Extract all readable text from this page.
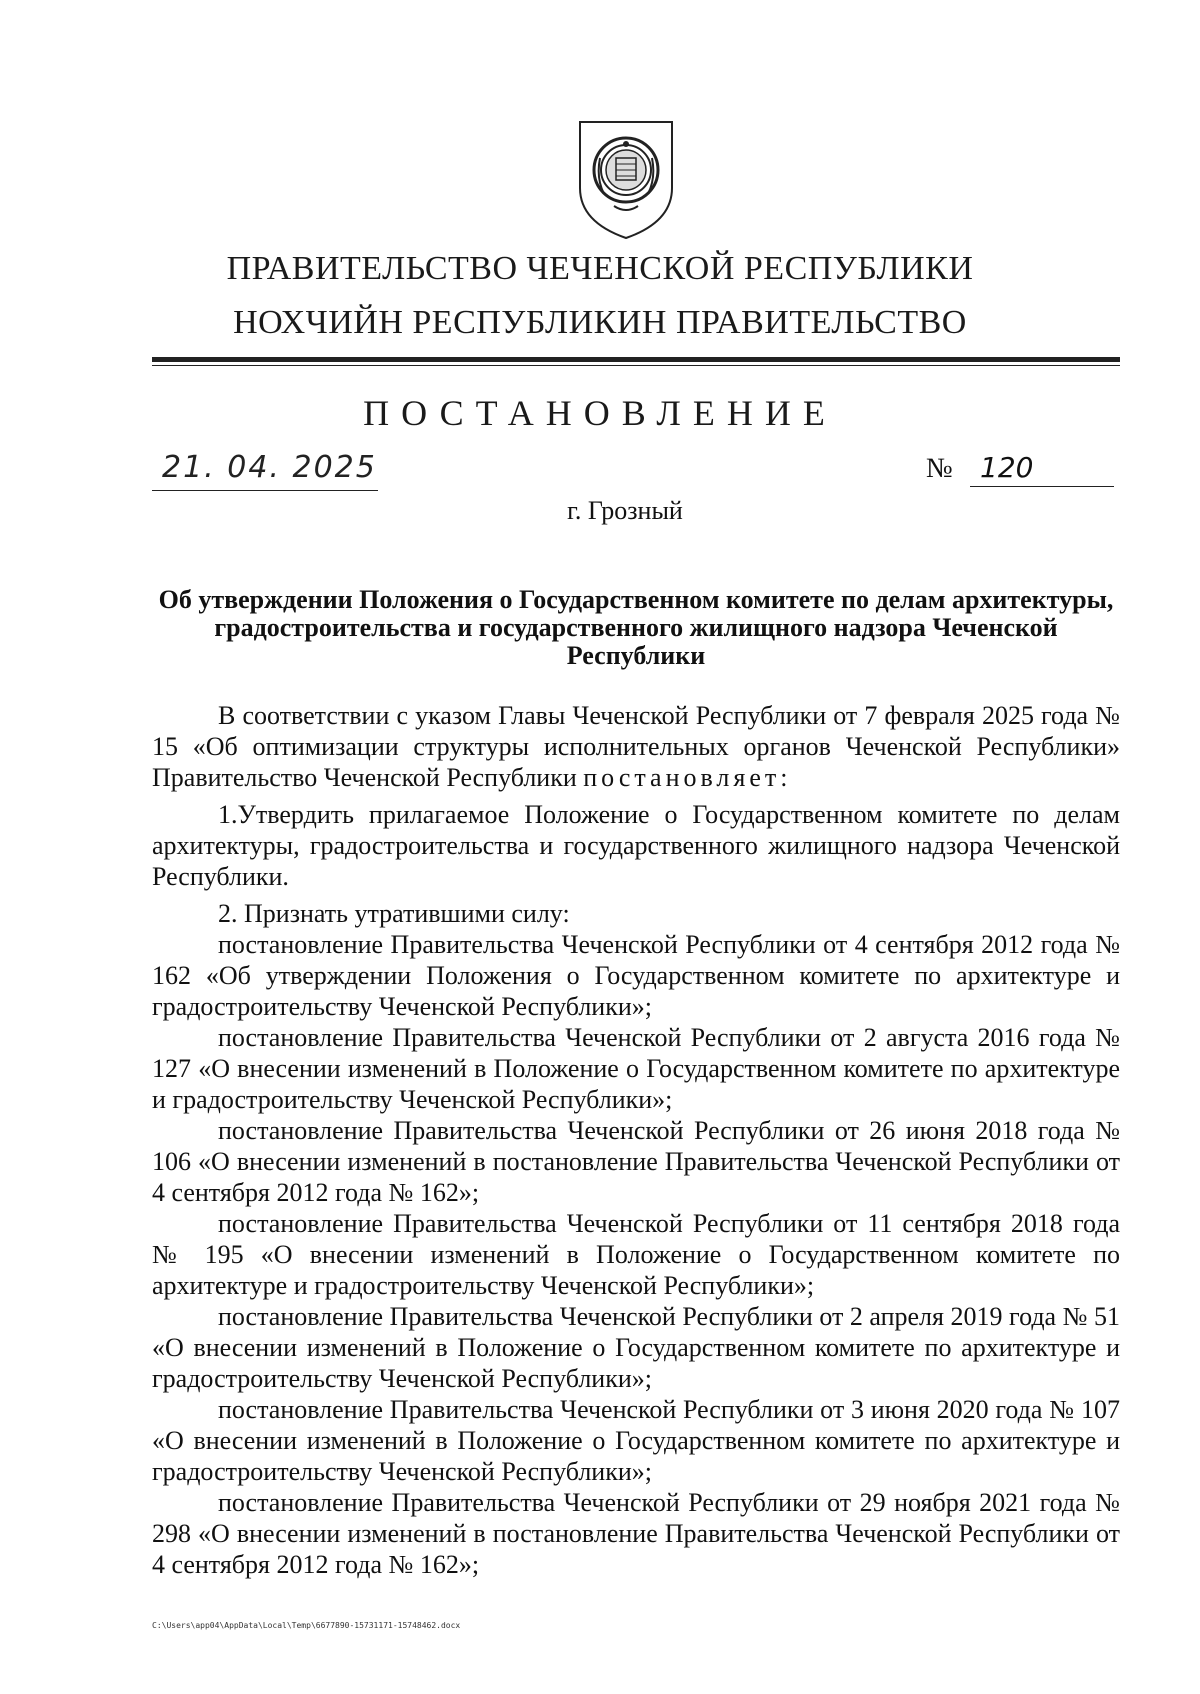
ПРАВИТЕЛЬСТВО ЧЕЧЕНСКОЙ РЕСПУБЛИКИ
НОХЧИЙН РЕСПУБЛИКИН ПРАВИТЕЛЬСТВО
ПОСТАНОВЛЕНИЕ
21. 04. 2025	№ 120
г. Грозный
Об утверждении Положения о Государственном комитете по делам архитектуры, градостроительства и государственного жилищного надзора Чеченской Республики

В соответствии с указом Главы Чеченской Республики от 7 февраля 2025 года № 15 «Об оптимизации структуры исполнительных органов Чеченской Республики» Правительство Чеченской Республики постановляет:

1.Утвердить прилагаемое Положение о Государственном комитете по делам архитектуры, градостроительства и государственного жилищного надзора Чеченской Республики.

2. Признать утратившими силу:

постановление Правительства Чеченской Республики от 4 сентября 2012 года № 162 «Об утверждении Положения о Государственном комитете по архитектуре и градостроительству Чеченской Республики»;

постановление Правительства Чеченской Республики от 2 августа 2016 года № 127 «О внесении изменений в Положение о Государственном комитете по архитектуре и градостроительству Чеченской Республики»;

постановление Правительства Чеченской Республики от 26 июня 2018 года № 106 «О внесении изменений в постановление Правительства Чеченской Республики от 4 сентября 2012 года № 162»;

постановление Правительства Чеченской Республики от 11 сентября 2018 года № 195 «О внесении изменений в Положение о Государственном комитете по архитектуре и градостроительству Чеченской Республики»;

постановление Правительства Чеченской Республики от 2 апреля 2019 года № 51 «О внесении изменений в Положение о Государственном комитете по архитектуре и градостроительству Чеченской Республики»;

постановление Правительства Чеченской Республики от 3 июня 2020 года № 107 «О внесении изменений в Положение о Государственном комитете по архитектуре и градостроительству Чеченской Республики»;

постановление Правительства Чеченской Республики от 29 ноября 2021 года № 298 «О внесении изменений в постановление Правительства Чеченской Республики от 4 сентября 2012 года № 162»;

C:\Users\app04\AppData\Local\Temp\6677890-15731171-15748462.docx
